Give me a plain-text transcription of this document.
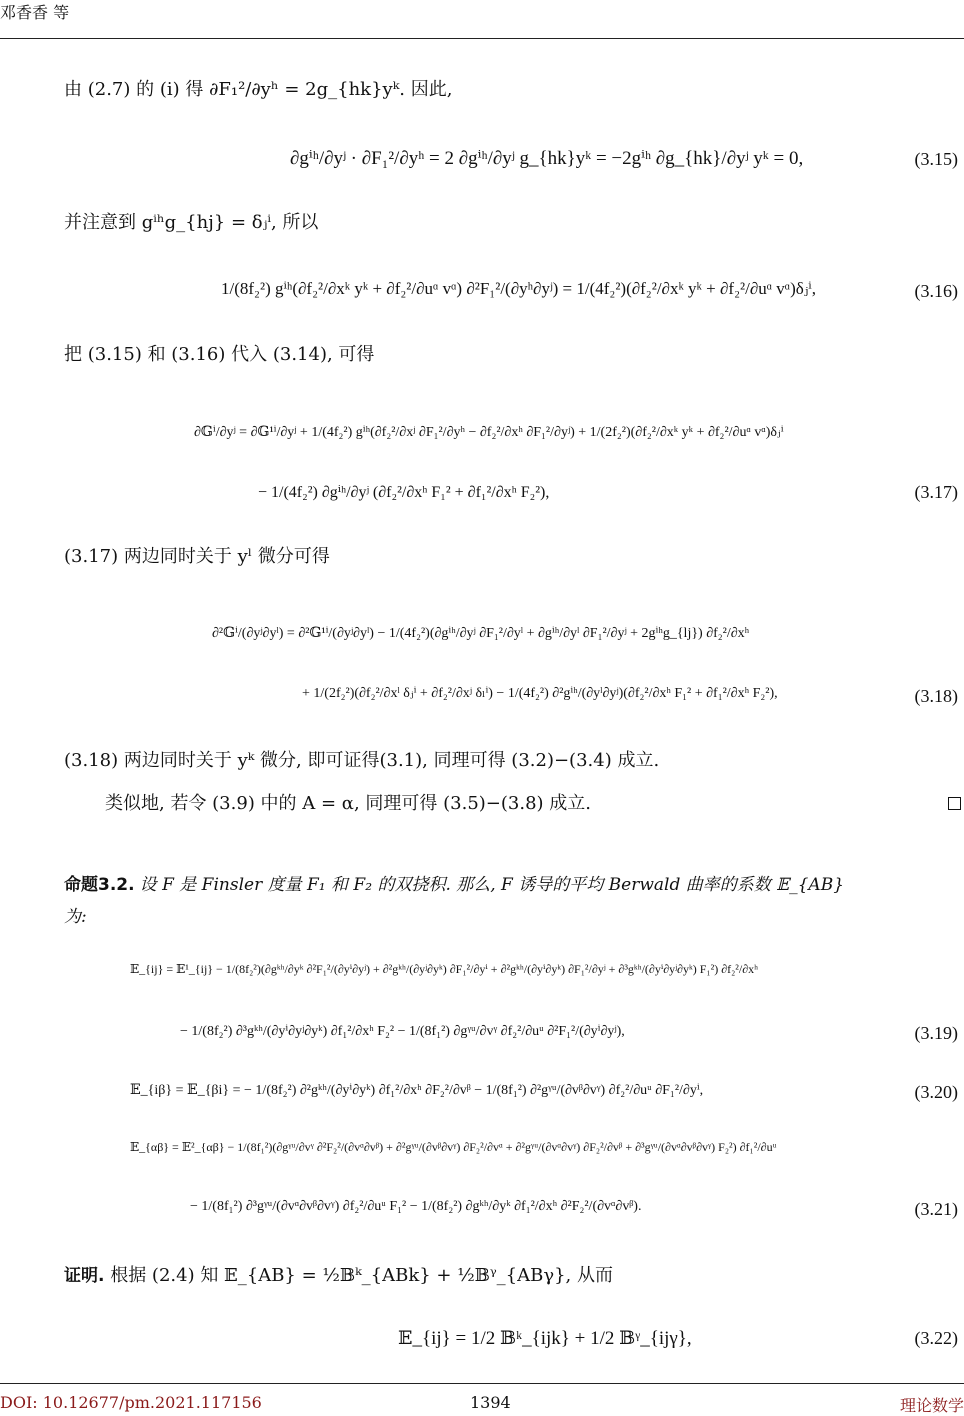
邓香香 等
由 (2.7) 的 (i) 得 ∂F₁²/∂yʰ = 2g_{hk}yᵏ. 因此,
∂gⁱʰ/∂yʲ · ∂F₁²/∂yʰ = 2 ∂gⁱʰ/∂yʲ g_{hk}yᵏ = −2gⁱʰ ∂g_{hk}/∂yʲ yᵏ = 0,	(3.15)
并注意到 gⁱʰg_{hj} = δⱼⁱ, 所以
1/(8f₂²) gⁱʰ(∂f₂²/∂xᵏ yᵏ + ∂f₂²/∂uᵅ vᵅ) ∂²F₁²/(∂yʰ∂yʲ) = 1/(4f₂²)(∂f₂²/∂xᵏ yᵏ + ∂f₂²/∂uᵅ vᵅ)δⱼⁱ,	(3.16)
把 (3.15) 和 (3.16) 代入 (3.14), 可得
∂𝔾ⁱ/∂yʲ = ∂𝔾¹ⁱ/∂yʲ + 1/(4f₂²) gⁱʰ(∂f₂²/∂xʲ ∂F₁²/∂yʰ − ∂f₂²/∂xʰ ∂F₁²/∂yʲ) + 1/(2f₂²)(∂f₂²/∂xᵏ yᵏ + ∂f₂²/∂uᵅ vᵅ)δⱼⁱ
− 1/(4f₂²) ∂gⁱʰ/∂yʲ (∂f₂²/∂xʰ F₁² + ∂f₁²/∂xʰ F₂²),	(3.17)
(3.17) 两边同时关于 yˡ 微分可得
∂²𝔾ⁱ/(∂yʲ∂yˡ) = ∂²𝔾¹ⁱ/(∂yʲ∂yˡ) − 1/(4f₂²)(∂gⁱʰ/∂yʲ ∂F₁²/∂yˡ + ∂gⁱʰ/∂yˡ ∂F₁²/∂yʲ + 2gⁱʰg_{lj}) ∂f₂²/∂xʰ
+ 1/(2f₂²)(∂f₂²/∂xˡ δⱼⁱ + ∂f₂²/∂xʲ δₗⁱ) − 1/(4f₂²) ∂²gⁱʰ/(∂yˡ∂yʲ)(∂f₂²/∂xʰ F₁² + ∂f₁²/∂xʰ F₂²),	(3.18)
(3.18) 两边同时关于 yᵏ 微分, 即可证得(3.1), 同理可得 (3.2)−(3.4) 成立.
类似地, 若令 (3.9) 中的 A = α, 同理可得 (3.5)−(3.8) 成立.
命题3.2. 设 F 是 Finsler 度量 F₁ 和 F₂ 的双挠积. 那么, F 诱导的平均 Berwald 曲率的系数 𝔼_{AB}
为:
𝔼_{ij} = 𝔼¹_{ij} − 1/(8f₂²)(∂gᵏʰ/∂yᵏ ∂²F₁²/(∂yⁱ∂yʲ) + ∂²gᵏʰ/(∂yʲ∂yᵏ) ∂F₁²/∂yⁱ + ∂²gᵏʰ/(∂yⁱ∂yᵏ) ∂F₁²/∂yʲ + ∂³gᵏʰ/(∂yⁱ∂yʲ∂yᵏ) F₁²) ∂f₂²/∂xʰ
− 1/(8f₂²) ∂³gᵏʰ/(∂yⁱ∂yʲ∂yᵏ) ∂f₁²/∂xʰ F₂² − 1/(8f₁²) ∂gᵞᵘ/∂vᵞ ∂f₂²/∂uᵘ ∂²F₁²/(∂yⁱ∂yʲ),	(3.19)
𝔼_{iβ} = 𝔼_{βi} = − 1/(8f₂²) ∂²gᵏʰ/(∂yⁱ∂yᵏ) ∂f₁²/∂xʰ ∂F₂²/∂vᵝ − 1/(8f₁²) ∂²gᵞᵘ/(∂vᵝ∂vᵞ) ∂f₂²/∂uᵘ ∂F₁²/∂yⁱ,	(3.20)
𝔼_{αβ} = 𝔼²_{αβ} − 1/(8f₁²)(∂gᵞᵘ/∂vᵞ ∂²F₂²/(∂vᵅ∂vᵝ) + ∂²gᵞᵘ/(∂vᵝ∂vᵞ) ∂F₂²/∂vᵅ + ∂²gᵞᵘ/(∂vᵅ∂vᵞ) ∂F₂²/∂vᵝ + ∂³gᵞᵘ/(∂vᵅ∂vᵝ∂vᵞ) F₂²) ∂f₁²/∂uᵘ
− 1/(8f₁²) ∂³gᵞᵘ/(∂vᵅ∂vᵝ∂vᵞ) ∂f₂²/∂uᵘ F₁² − 1/(8f₂²) ∂gᵏʰ/∂yᵏ ∂f₁²/∂xʰ ∂²F₂²/(∂vᵅ∂vᵝ).	(3.21)
证明. 根据 (2.4) 知 𝔼_{AB} = ½𝔹ᵏ_{ABk} + ½𝔹ᵞ_{ABγ}, 从而
𝔼_{ij} = 1/2 𝔹ᵏ_{ijk} + 1/2 𝔹ᵞ_{ijγ},	(3.22)
DOI: 10.12677/pm.2021.117156	1394	理论数学
